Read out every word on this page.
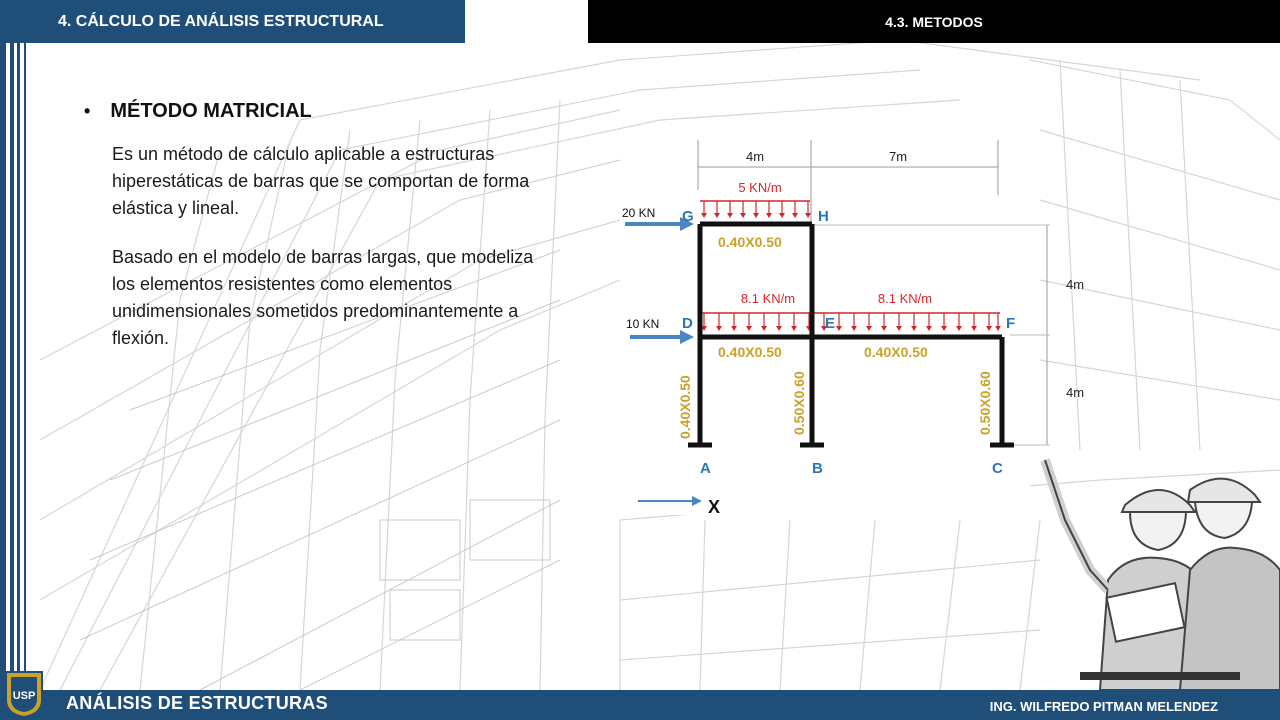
4. CÁLCULO DE ANÁLISIS ESTRUCTURAL	4.3. METODOS
• MÉTODO MATRICIAL
Es un método de cálculo aplicable a estructuras hiperestáticas de barras que se comportan de forma elástica y lineal.
Basado en el modelo de barras largas, que modeliza los elementos resistentes como elementos unidimensionales sometidos predominantemente a flexión.
4m	7m
4m
4m
5 KN/m
8.1 KN/m	8.1 KN/m
20 KN
10 KN
G	H
D	E	F
A	B	C
0.40X0.50
0.40X0.50	0.40X0.50
0.40X0.50	0.50X0.60	0.50X0.60
X
ANÁLISIS DE ESTRUCTURAS	ING. WILFREDO PITMAN MELENDEZ
USP
